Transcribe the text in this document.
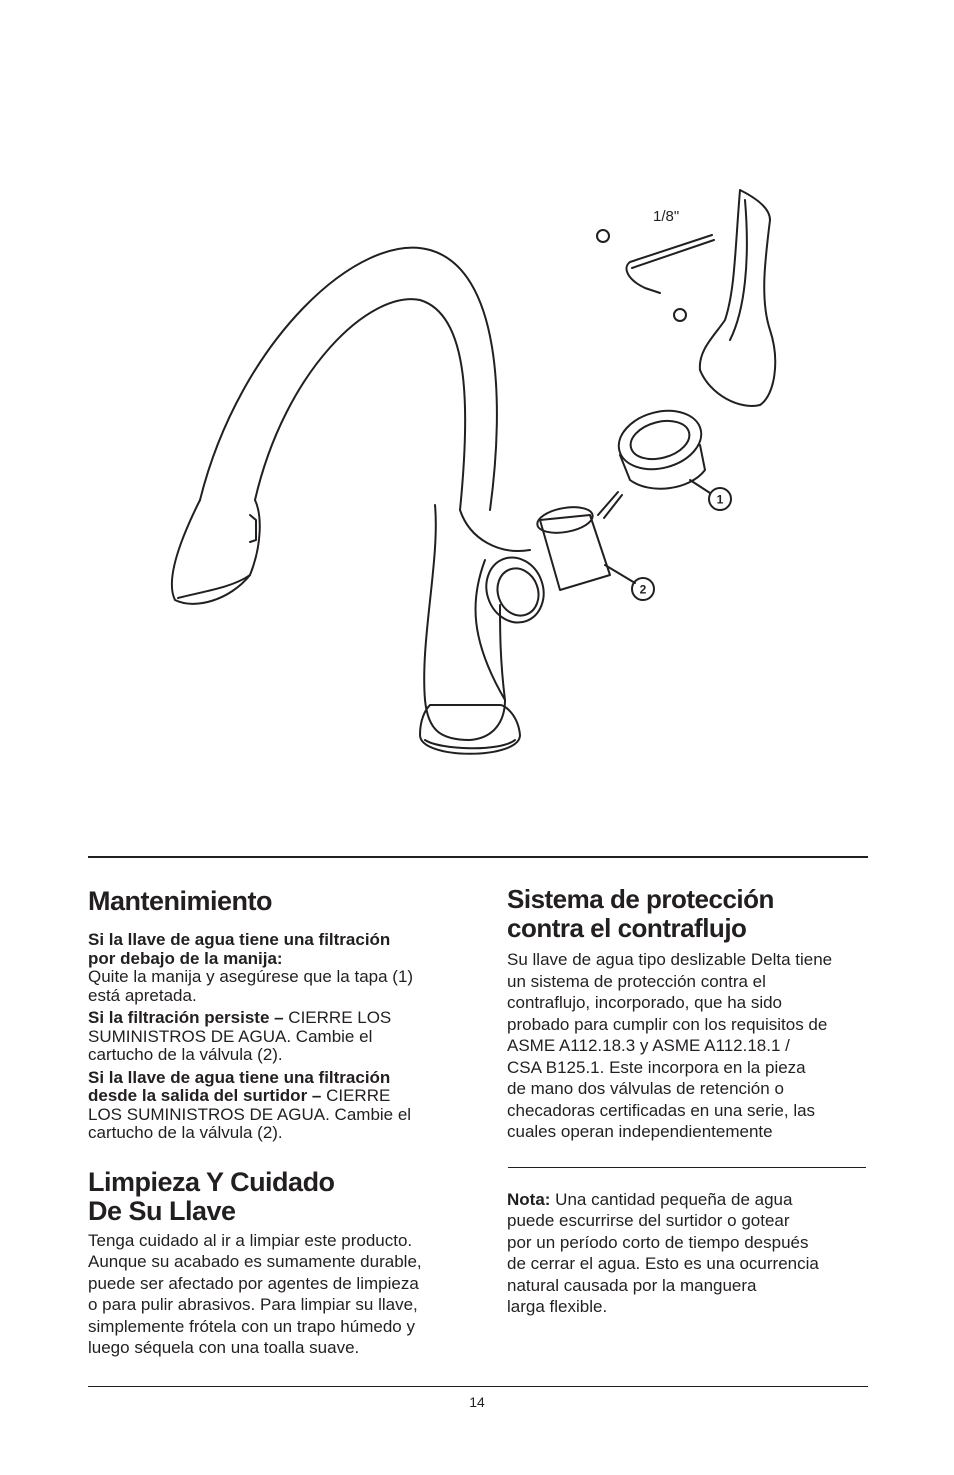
1
2
1/8"
Mantenimiento
Si la llave de agua tiene una filtración
por debajo de la manija:
Quite la manija y asegúrese que la tapa (1)
está apretada.
Si la filtración persiste – CIERRE LOS
SUMINISTROS DE AGUA. Cambie el
cartucho de la válvula (2).
Si la llave de agua tiene una filtración
desde la salida del surtidor – CIERRE
LOS SUMINISTROS DE AGUA. Cambie el
cartucho de la válvula (2).
Limpieza Y Cuidado
De Su Llave

Tenga cuidado al ir a limpiar este producto.
Aunque su acabado es sumamente durable,
puede ser afectado por agentes de limpieza
o para pulir abrasivos. Para limpiar su llave,
simplemente frótela con un trapo húmedo y
luego séquela con una toalla suave.

Sistema de protección
contra el contraflujo

Su llave de agua tipo deslizable Delta tiene
un sistema de protección contra el
contraflujo, incorporado, que ha sido
probado para cumplir con los requisitos de
ASME A112.18.3 y ASME A112.18.1 /
CSA B125.1. Este incorpora en la pieza
de mano dos válvulas de retención o
checadoras certificadas en una serie, las
cuales operan independientemente

Nota: Una cantidad pequeña de agua
puede escurrirse del surtidor o gotear
por un período corto de tiempo después
de cerrar el agua. Esto es una ocurrencia
natural causada por la manguera
larga flexible.

14
